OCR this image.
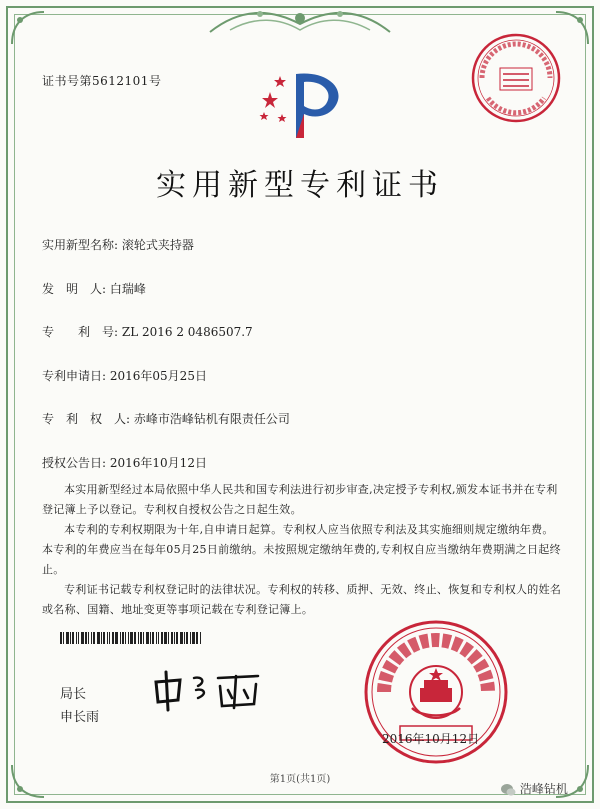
证书号第5612101号
实用新型专利证书
实用新型名称: 滚轮式夹持器
发　明　人: 白瑞峰
专　　利　号: ZL 2016 2 0486507.7
专利申请日: 2016年05月25日
专　利　权　人: 赤峰市浩峰钻机有限责任公司
授权公告日: 2016年10月12日

本实用新型经过本局依照中华人民共和国专利法进行初步审查,决定授予专利权,颁发本证书并在专利登记簿上予以登记。专利权自授权公告之日起生效。

本专利的专利权期限为十年,自申请日起算。专利权人应当依照专利法及其实施细则规定缴纳年费。本专利的年费应当在每年05月25日前缴纳。未按照规定缴纳年费的,专利权自应当缴纳年费期满之日起终止。

专利证书记载专利权登记时的法律状况。专利权的转移、质押、无效、终止、恢复和专利权人的姓名或名称、国籍、地址变更等事项记载在专利登记簿上。

局长
申长雨
2016年10月12日
第1页(共1页)
浩峰钻机
